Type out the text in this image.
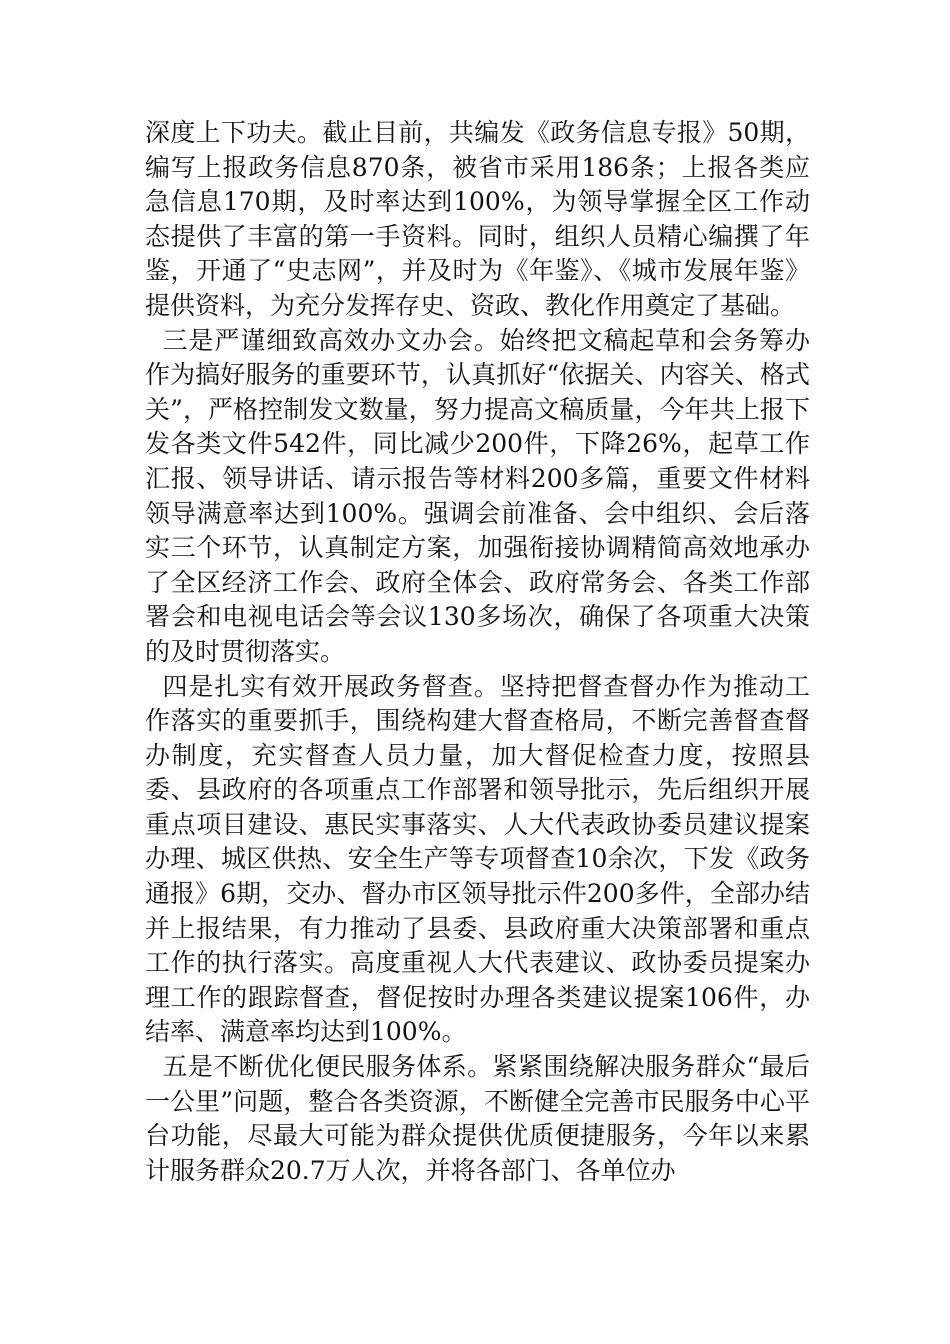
深度上下功夫。截止目前，共编发《政务信息专报》50期，编写上报政务信息870条，被省市采用186条；上报各类应急信息170期，及时率达到100%，为领导掌握全区工作动态提供了丰富的第一手资料。同时，组织人员精心编撰了年鉴，开通了“史志网”，并及时为《年鉴》、《城市发展年鉴》提供资料，为充分发挥存史、资政、教化作用奠定了基础。

三是严谨细致高效办文办会。始终把文稿起草和会务筹办作为搞好服务的重要环节，认真抓好“依据关、内容关、格式关”，严格控制发文数量，努力提高文稿质量，今年共上报下发各类文件542件，同比减少200件，下降26%，起草工作汇报、领导讲话、请示报告等材料200多篇，重要文件材料领导满意率达到100%。强调会前准备、会中组织、会后落实三个环节，认真制定方案，加强衔接协调精简高效地承办了全区经济工作会、政府全体会、政府常务会、各类工作部署会和电视电话会等会议130多场次，确保了各项重大决策的及时贯彻落实。

四是扎实有效开展政务督查。坚持把督查督办作为推动工作落实的重要抓手，围绕构建大督查格局，不断完善督查督办制度，充实督查人员力量，加大督促检查力度，按照县委、县政府的各项重点工作部署和领导批示，先后组织开展重点项目建设、惠民实事落实、人大代表政协委员建议提案办理、城区供热、安全生产等专项督查10余次，下发《政务通报》6期，交办、督办市区领导批示件200多件，全部办结并上报结果，有力推动了县委、县政府重大决策部署和重点工作的执行落实。高度重视人大代表建议、政协委员提案办理工作的跟踪督查，督促按时办理各类建议提案106件，办结率、满意率均达到100%。

五是不断优化便民服务体系。紧紧围绕解决服务群众“最后一公里”问题，整合各类资源，不断健全完善市民服务中心平台功能，尽最大可能为群众提供优质便捷服务，今年以来累计服务群众20.7万人次，并将各部门、各单位办
